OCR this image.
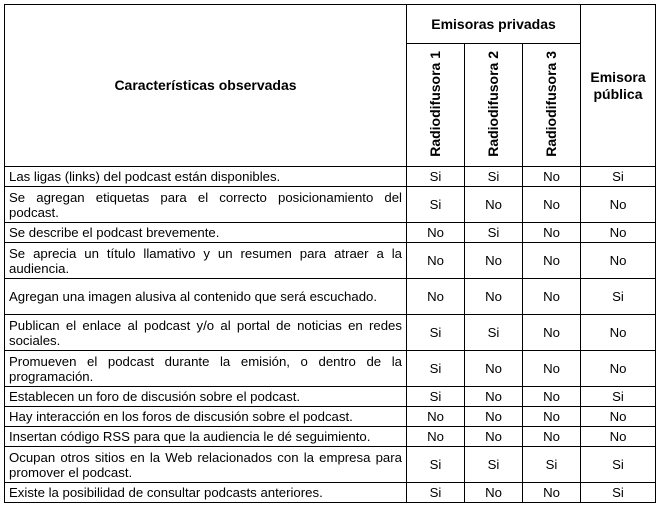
Características observadas	Emisoras privadas			Emisora
pública
	Radiodifusora 1	Radiodifusora 2	Radiodifusora 3	
Las ligas (links) del podcast están disponibles.	Si	Si	No	Si
Se agregan etiquetas para el correcto posicionamiento del podcast.	Si	No	No	No
Se describe el podcast brevemente.	No	Si	No	No
Se aprecia un título llamativo y un resumen para atraer a la audiencia.	No	No	No	No
Agregan una imagen alusiva al contenido que será escuchado.	No	No	No	Si
Publican el enlace al podcast y/o al portal de noticias en redes sociales.	Si	Si	No	No
Promueven el podcast durante la emisión, o dentro de la programación.	Si	No	No	No
Establecen un foro de discusión sobre el podcast.	Si	No	No	Si
Hay interacción en los foros de discusión sobre el podcast.	No	No	No	No
Insertan código RSS para que la audiencia le dé seguimiento.	No	No	No	No
Ocupan otros sitios en la Web relacionados con la empresa para promover el podcast.	Si	Si	Si	Si
Existe la posibilidad de consultar podcasts anteriores.	Si	No	No	Si
